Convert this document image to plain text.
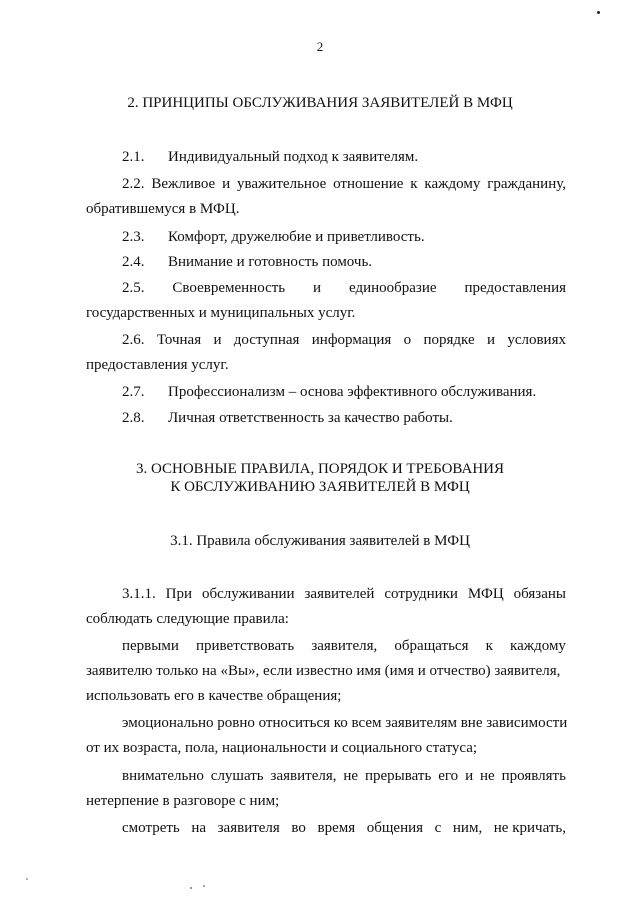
2
2. ПРИНЦИПЫ ОБСЛУЖИВАНИЯ ЗАЯВИТЕЛЕЙ В МФЦ
2.1. Индивидуальный подход к заявителям.
2.2. Вежливое и уважительное отношение к каждому гражданину,
обратившемуся в МФЦ.
2.3. Комфорт, дружелюбие и приветливость.
2.4. Внимание и готовность помочь.
2.5. Своевременность и единообразие предоставления
государственных и муниципальных услуг.
2.6. Точная и доступная информация о порядке и условиях
предоставления услуг.
2.7. Профессионализм – основа эффективного обслуживания.
2.8. Личная ответственность за качество работы.
3. ОСНОВНЫЕ ПРАВИЛА, ПОРЯДОК И ТРЕБОВАНИЯ
К ОБСЛУЖИВАНИЮ ЗАЯВИТЕЛЕЙ В МФЦ
3.1. Правила обслуживания заявителей в МФЦ
3.1.1. При обслуживании заявителей сотрудники МФЦ обязаны
соблюдать следующие правила:
первыми приветствовать заявителя, обращаться к каждому
заявителю только на «Вы», если известно имя (имя и отчество) заявителя,
использовать его в качестве обращения;
эмоционально ровно относиться ко всем заявителям вне зависимости
от их возраста, пола, национальности и социального статуса;
внимательно слушать заявителя, не прерывать его и не проявлять
нетерпение в разговоре с ним;
смотреть на заявителя во время общения с ним, не кричать,
